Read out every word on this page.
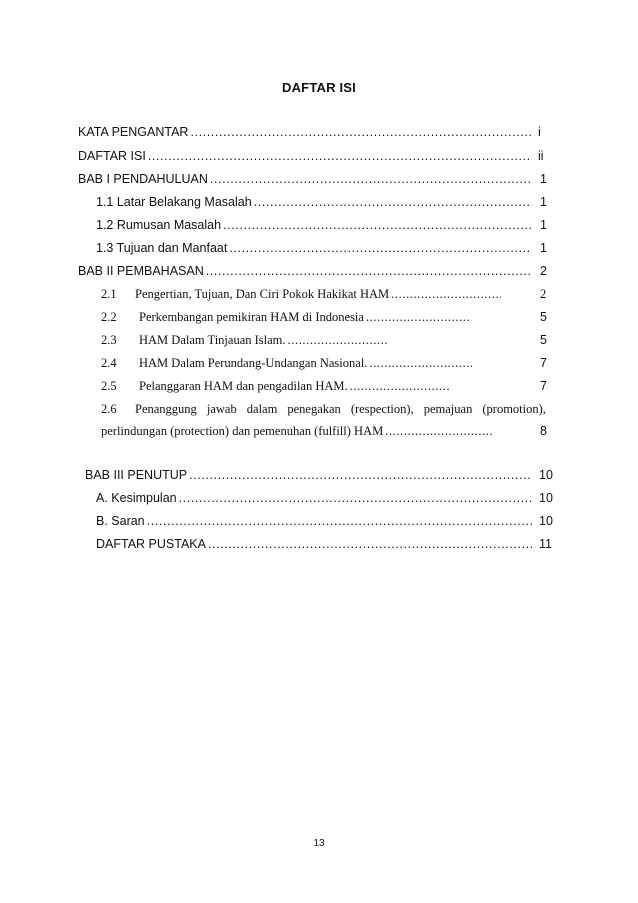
DAFTAR ISI
KATA PENGANTAR .....	i
DAFTAR ISI .....	ii
BAB I PENDAHULUAN .....	1
1.1 Latar Belakang Masalah .....	1
1.2 Rumusan Masalah .....	1
1.3 Tujuan dan Manfaat .....	1
BAB II PEMBAHASAN .....	2
2.1 Pengertian, Tujuan, Dan Ciri Pokok Hakikat HAM .....	2
2.2 Perkembangan pemikiran HAM di Indonesia .....	5
2.3 HAM Dalam Tinjauan Islam. .....	5
2.4 HAM Dalam Perundang-Undangan Nasional. .....	7
2.5 Pelanggaran HAM dan pengadilan HAM. .....	7
2.6 Penanggung jawab dalam penegakan (respection), pemajuan (promotion),
perlindungan (protection) dan pemenuhan (fulfill) HAM .....	8
BAB III PENUTUP .....	10
A. Kesimpulan .....	10
B. Saran .....	10
DAFTAR PUSTAKA .....	11
13
